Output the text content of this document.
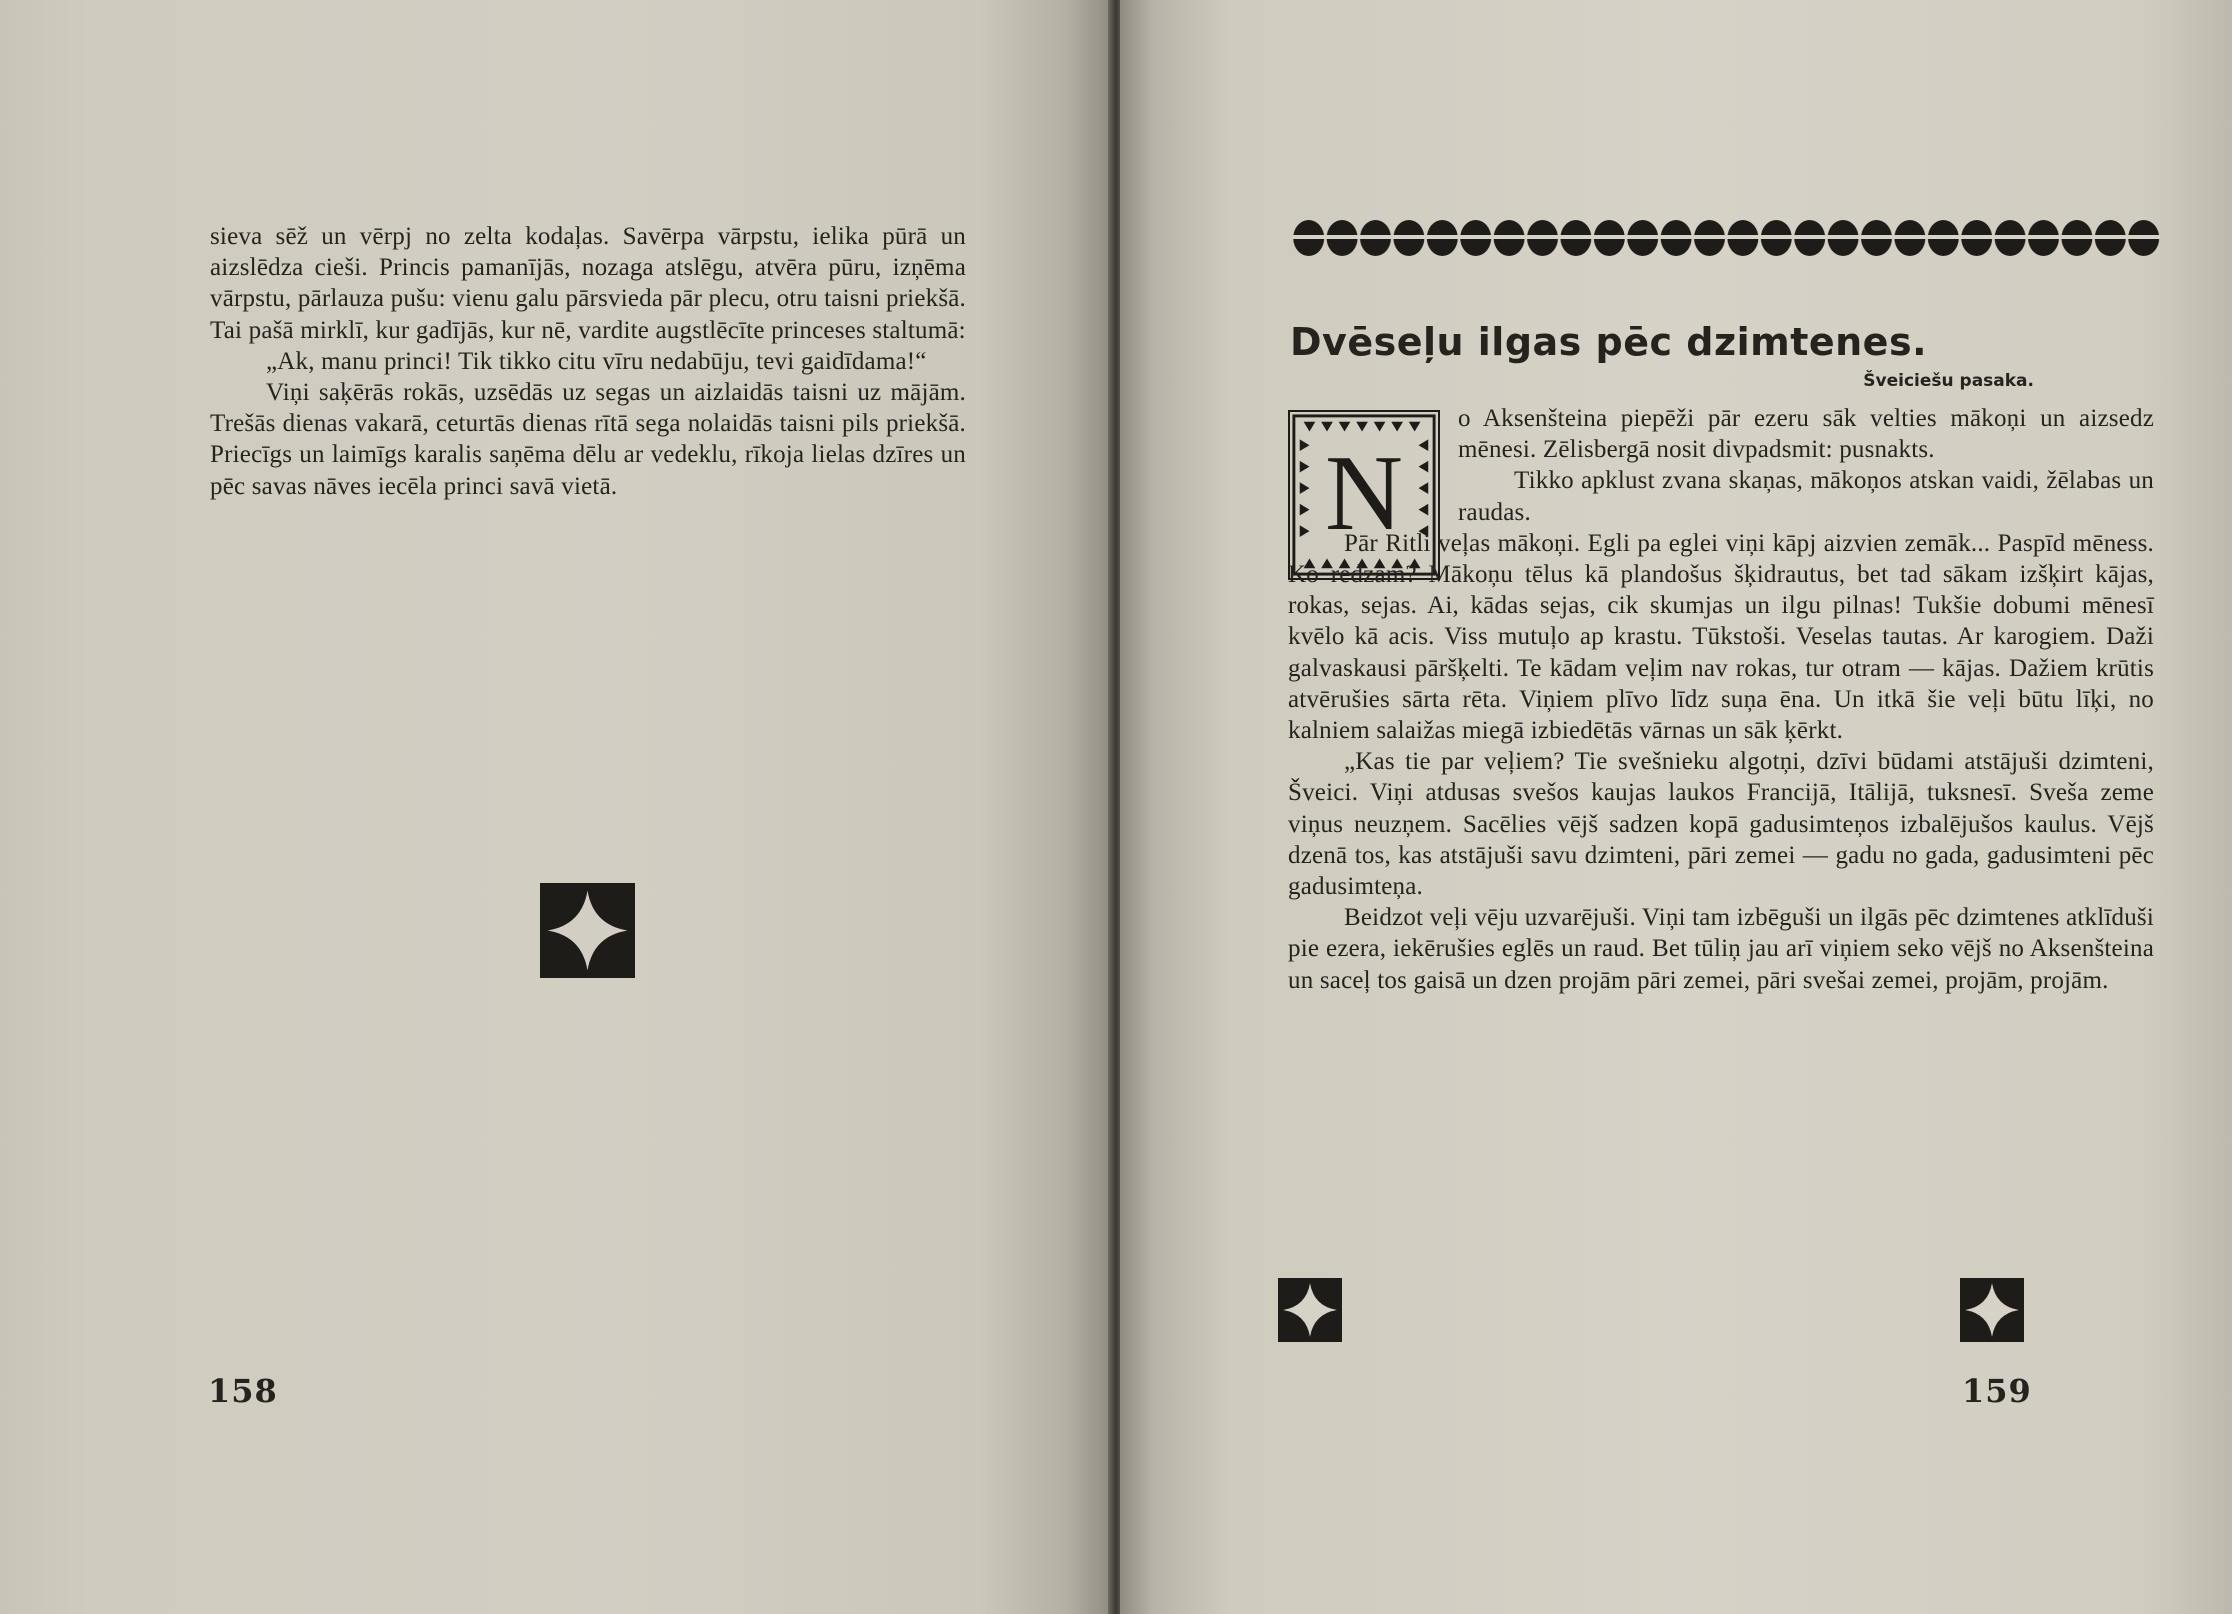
sieva sēž un vērpj no zelta kodaļas. Savērpa vārpstu, ielika pūrā un aizslēdza cieši. Princis pamanījās, nozaga atslēgu, atvēra pūru, izņēma vārpstu, pārlauza pušu: vienu galu pārsvieda pār plecu, otru taisni priekšā. Tai pašā mirklī, kur gadījās, kur nē, vardite augstlēcīte princeses staltumā:

„Ak, manu princi! Tik tikko citu vīru nedabūju, tevi gaidīdama!“

Viņi saķērās rokās, uzsēdās uz segas un aizlaidās taisni uz mājām. Trešās dienas vakarā, ceturtās dienas rītā sega nolaidās taisni pils priekšā. Priecīgs un laimīgs karalis saņēma dēlu ar vedeklu, rīkoja lielas dzīres un pēc savas nāves iecēla princi savā vietā.

158
Dvēseļu ilgas pēc dzimtenes.
Šveiciešu pasaka.
N

o Aksenšteina piepēži pār ezeru sāk velties mākoņi un aizsedz mēnesi. Zēlisbergā nosit divpadsmit: pusnakts.

Tikko apklust zvana skaņas, mākoņos atskan vaidi, žēlabas un raudas.

Pār Ritli veļas mākoņi. Egli pa eglei viņi kāpj aizvien zemāk... Paspīd mēness. Ko redzam? Mākoņu tēlus kā plandošus šķidrautus, bet tad sākam izšķirt kājas, rokas, sejas. Ai, kādas sejas, cik skumjas un ilgu pilnas! Tukšie dobumi mēnesī kvēlo kā acis. Viss mutuļo ap krastu. Tūkstoši. Veselas tautas. Ar karogiem. Daži galvaskausi pāršķelti. Te kādam veļim nav rokas, tur otram — kājas. Dažiem krūtis atvērušies sārta rēta. Viņiem plīvo līdz suņa ēna. Un itkā šie veļi būtu līķi, no kalniem salaižas miegā izbiedētās vārnas un sāk ķērkt.

„Kas tie par veļiem? Tie svešnieku algotņi, dzīvi būdami atstājuši dzimteni, Šveici. Viņi atdusas svešos kaujas laukos Francijā, Itālijā, tuksnesī. Sveša zeme viņus neuzņem. Sacēlies vējš sadzen kopā gadusimteņos izbalējušos kaulus. Vējš dzenā tos, kas atstājuši savu dzimteni, pāri zemei — gadu no gada, gadusimteni pēc gadusimteņa.

Beidzot veļi vēju uzvarējuši. Viņi tam izbēguši un ilgās pēc dzimtenes atklīduši pie ezera, iekērušies eglēs un raud. Bet tūliņ jau arī viņiem seko vējš no Aksenšteina un saceļ tos gaisā un dzen projām pāri zemei, pāri svešai zemei, projām, projām.

159
